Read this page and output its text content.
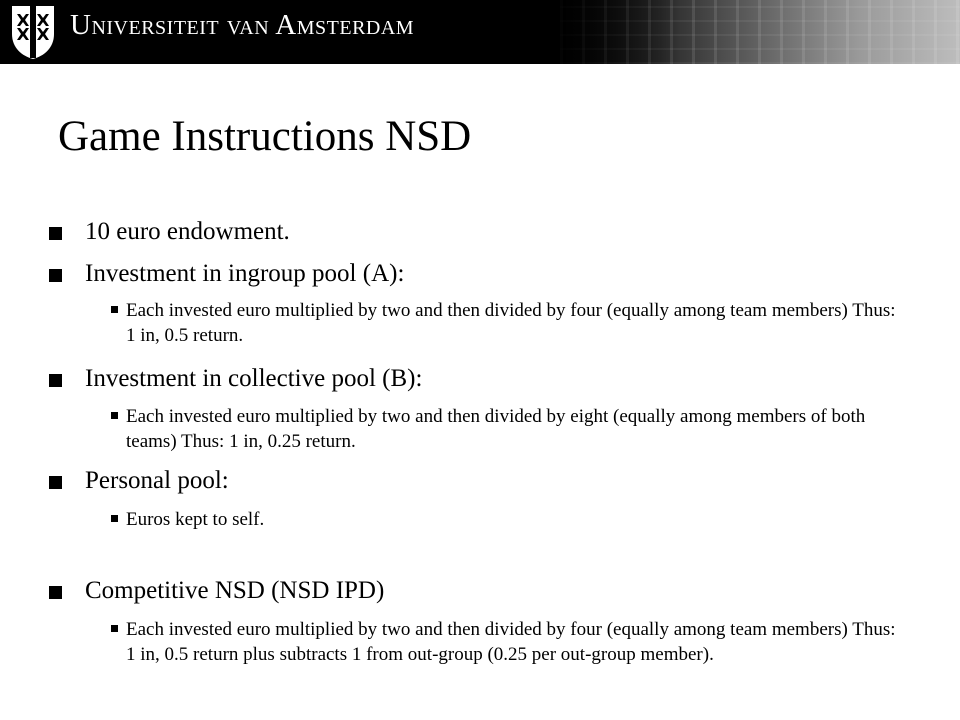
Universiteit van Amsterdam
Game Instructions NSD
10 euro endowment.
Investment in ingroup pool (A):
Each invested euro multiplied by two and then divided by four (equally among team members) Thus: 1 in, 0.5 return.
Investment in collective pool (B):
Each invested euro multiplied by two and then divided by eight (equally among members of both teams) Thus: 1 in, 0.25 return.
Personal pool:
Euros kept to self.
Competitive NSD (NSD IPD)
Each invested euro multiplied by two and then divided by four (equally among team members) Thus: 1 in, 0.5 return plus subtracts 1 from out-group (0.25 per out-group member).
